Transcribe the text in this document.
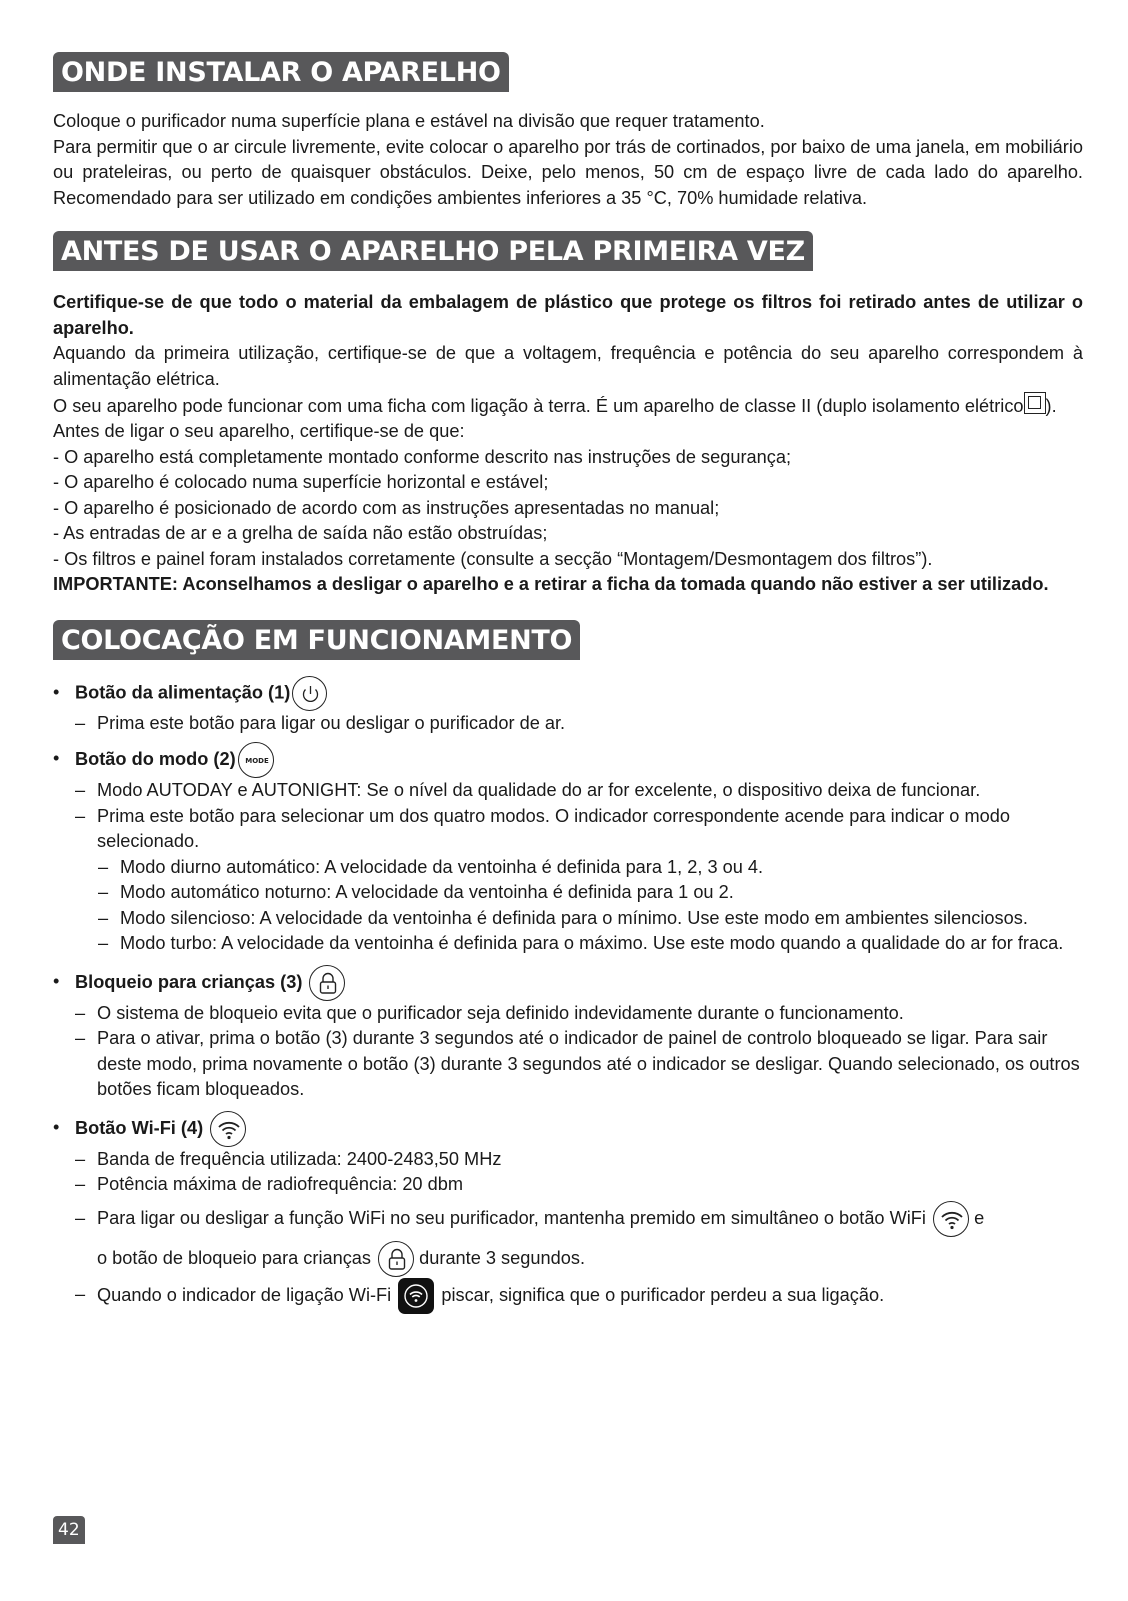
ONDE INSTALAR O APARELHO

Coloque o purificador numa superfície plana e estável na divisão que requer tratamento.

Para permitir que o ar circule livremente, evite colocar o aparelho por trás de cortinados, por baixo de uma janela, em mobiliário ou prateleiras, ou perto de quaisquer obstáculos. Deixe, pelo menos, 50 cm de espaço livre de cada lado do aparelho. Recomendado para ser utilizado em condições ambientes inferiores a 35 °C, 70% humidade relativa.

ANTES DE USAR O APARELHO PELA PRIMEIRA VEZ

Certifique-se de que todo o material da embalagem de plástico que protege os filtros foi retirado antes de utilizar o aparelho.

Aquando da primeira utilização, certifique-se de que a voltagem, frequência e potência do seu aparelho correspondem à alimentação elétrica.

O seu aparelho pode funcionar com uma ficha com ligação à terra. É um aparelho de classe II (duplo isolamento elétrico ).

Antes de ligar o seu aparelho, certifique-se de que:

- O aparelho está completamente montado conforme descrito nas instruções de segurança;

- O aparelho é colocado numa superfície horizontal e estável;

- O aparelho é posicionado de acordo com as instruções apresentadas no manual;

- As entradas de ar e a grelha de saída não estão obstruídas;

- Os filtros e painel foram instalados corretamente (consulte a secção “Montagem/Desmontagem dos filtros”).

IMPORTANTE: Aconselhamos a desligar o aparelho e a retirar a ficha da tomada quando não estiver a ser utilizado.

COLOCAÇÃO EM FUNCIONAMENTO
• Botão da alimentação (1)
– Prima este botão para ligar ou desligar o purificador de ar.
• Botão do modo (2) MODE
– Modo AUTODAY e AUTONIGHT: Se o nível da qualidade do ar for excelente, o dispositivo deixa de funcionar.
– Prima este botão para selecionar um dos quatro modos. O indicador correspondente acende para indicar o modo selecionado.
– Modo diurno automático: A velocidade da ventoinha é definida para 1, 2, 3 ou 4.
– Modo automático noturno: A velocidade da ventoinha é definida para 1 ou 2.
– Modo silencioso: A velocidade da ventoinha é definida para o mínimo. Use este modo em ambientes silenciosos.
– Modo turbo: A velocidade da ventoinha é definida para o máximo. Use este modo quando a qualidade do ar for fraca.
• Bloqueio para crianças (3)
– O sistema de bloqueio evita que o purificador seja definido indevidamente durante o funcionamento.
– Para o ativar, prima o botão (3) durante 3 segundos até o indicador de painel de controlo bloqueado se ligar. Para sair deste modo, prima novamente o botão (3) durante 3 segundos até o indicador se desligar. Quando selecionado, os outros botões ficam bloqueados.
• Botão Wi-Fi (4)
– Banda de frequência utilizada: 2400-2483,50 MHz
– Potência máxima de radiofrequência: 20 dbm
– Para ligar ou desligar a função WiFi no seu purificador, mantenha premido em simultâneo o botão WiFi	e
o botão de bloqueio para crianças	durante 3 segundos.
– Quando o indicador de ligação Wi-Fi	piscar, significa que o purificador perdeu a sua ligação.
42
